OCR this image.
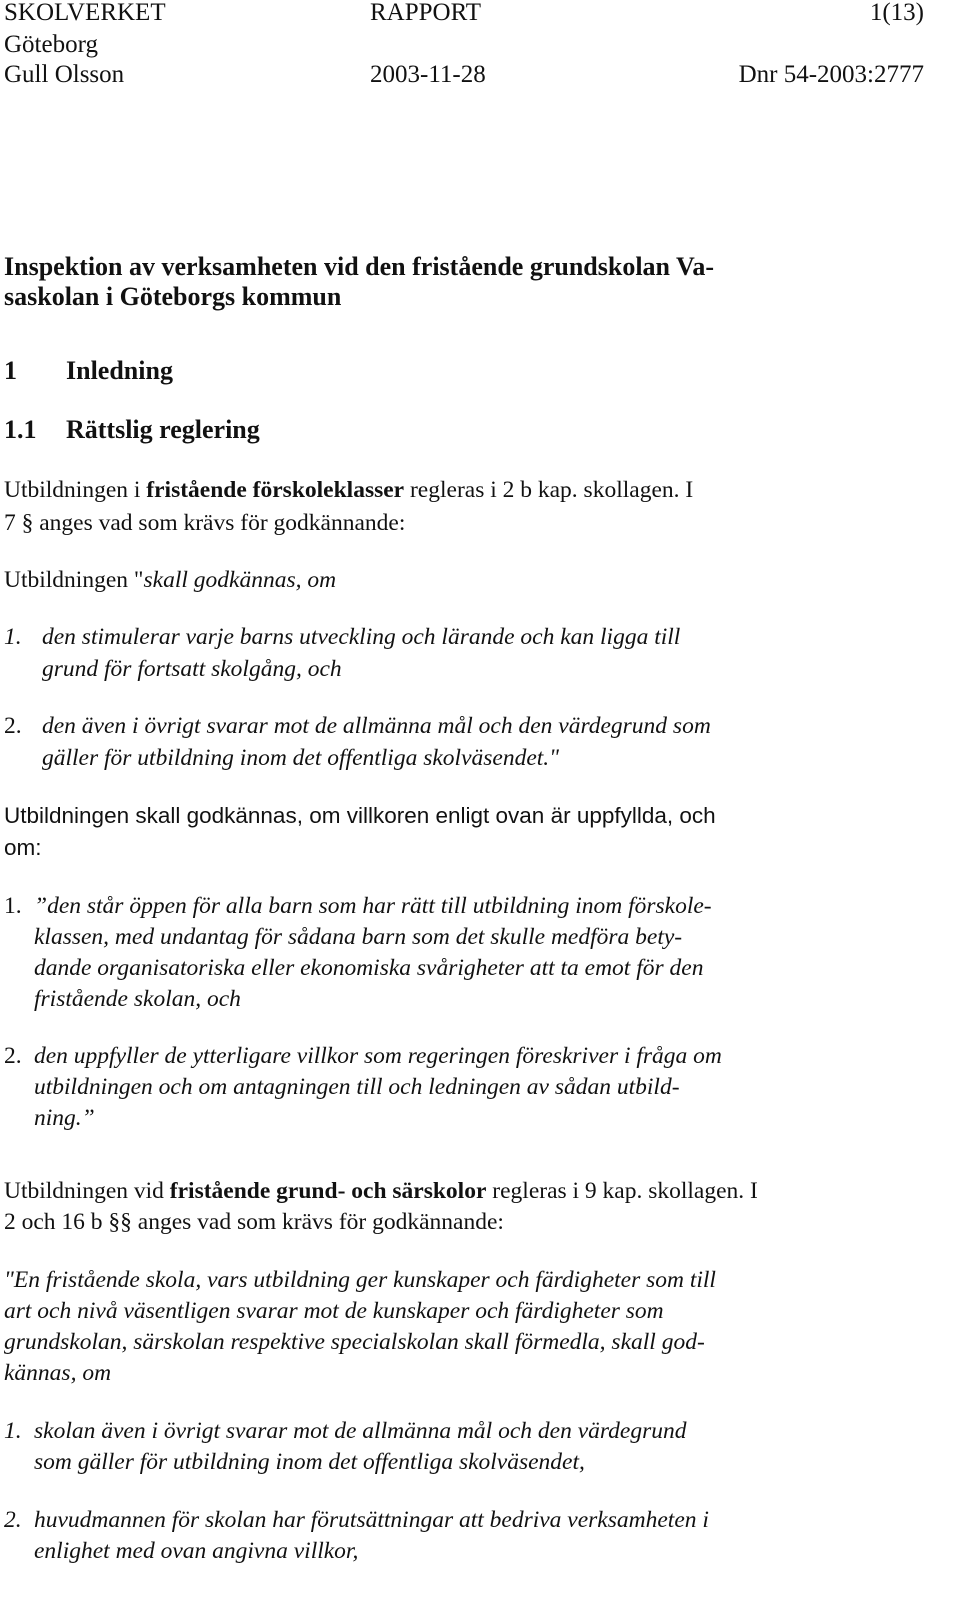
SKOLVERKET	RAPPORT	1(13)
Göteborg
Gull Olsson	2003-11-28	Dnr 54-2003:2777
Inspektion av verksamheten vid den fristående grundskolan Va-
saskolan i Göteborgs kommun
1 Inledning
1.1 Rättslig reglering
Utbildningen i fristående förskoleklasser regleras i 2 b kap. skollagen. I
7 § anges vad som krävs för godkännande:
Utbildningen "skall godkännas, om
1. den stimulerar varje barns utveckling och lärande och kan ligga till
grund för fortsatt skolgång, och
2. den även i övrigt svarar mot de allmänna mål och den värdegrund som
gäller för utbildning inom det offentliga skolväsendet."
Utbildningen skall godkännas, om villkoren enligt ovan är uppfyllda, och
om:
1. ”den står öppen för alla barn som har rätt till utbildning inom förskole-
klassen, med undantag för sådana barn som det skulle medföra bety-
dande organisatoriska eller ekonomiska svårigheter att ta emot för den
fristående skolan, och
2. den uppfyller de ytterligare villkor som regeringen föreskriver i fråga om
utbildningen och om antagningen till och ledningen av sådan utbild-
ning.”
Utbildningen vid fristående grund- och särskolor regleras i 9 kap. skollagen. I
2 och 16 b §§ anges vad som krävs för godkännande:
"En fristående skola, vars utbildning ger kunskaper och färdigheter som till
art och nivå väsentligen svarar mot de kunskaper och färdigheter som
grundskolan, särskolan respektive specialskolan skall förmedla, skall god-
kännas, om
1. skolan även i övrigt svarar mot de allmänna mål och den värdegrund
som gäller för utbildning inom det offentliga skolväsendet,
2. huvudmannen för skolan har förutsättningar att bedriva verksamheten i
enlighet med ovan angivna villkor,
